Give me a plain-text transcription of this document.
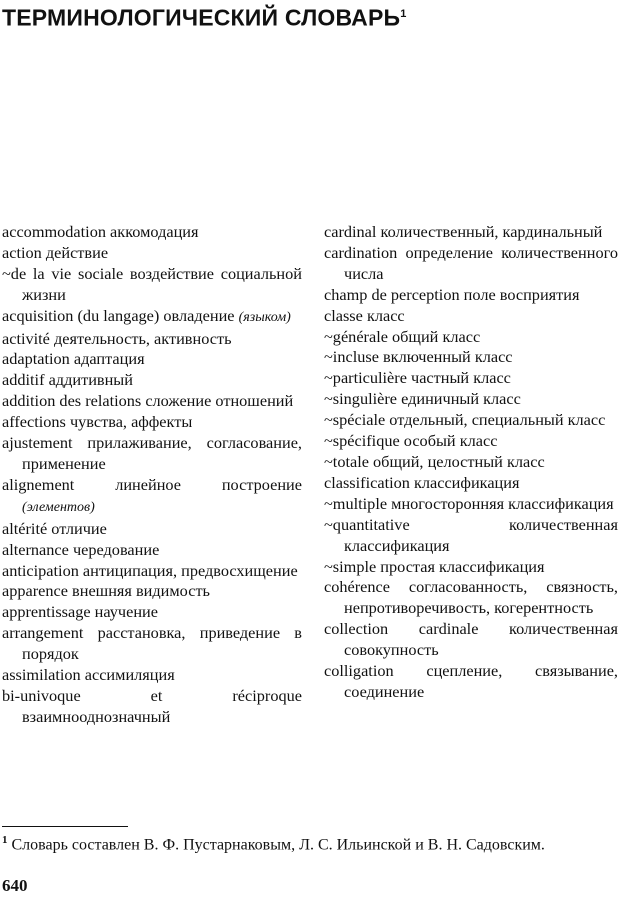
ТЕРМИНОЛОГИЧЕСКИЙ СЛОВАРЬ$^1$

accommodation аккомодация

action действие

~de la vie sociale воздействие социальной жизни

acquisition (du langage) овладение (языком)

activité деятельность, активность

adaptation адаптация

additif аддитивный

addition des relations сложение отношений

affections чувства, аффекты

ajustement прилаживание, согласование, применение

alignement линейное построение (элементов)

altérité отличие

alternance чередование

anticipation антиципация, предвосхищение

apparence внешняя видимость

apprentissage научение

arrangement расстановка, приведение в порядок

assimilation ассимиляция

bi-univoque et réciproque взаимнооднозначный

cardinal количественный, кардинальный

cardination определение количественного числа

champ de perception поле восприятия

classe класс

~générale общий класс

~incluse включенный класс

~particulière частный класс

~singulière единичный класс

~spéciale отдельный, специальный класс

~spécifique особый класс

~totale общий, целостный класс

classification классификация

~multiple многосторонняя классификация

~quantitative количественная классификация

~simple простая классификация

cohérence согласованность, связность, непротиворечивость, когерентность

collection cardinale количественная совокупность

colligation сцепление, связывание, соединение

$^1$ Словарь составлен В. Ф. Пустарнаковым, Л. С. Ильинской и В. Н. Садовским.
640
